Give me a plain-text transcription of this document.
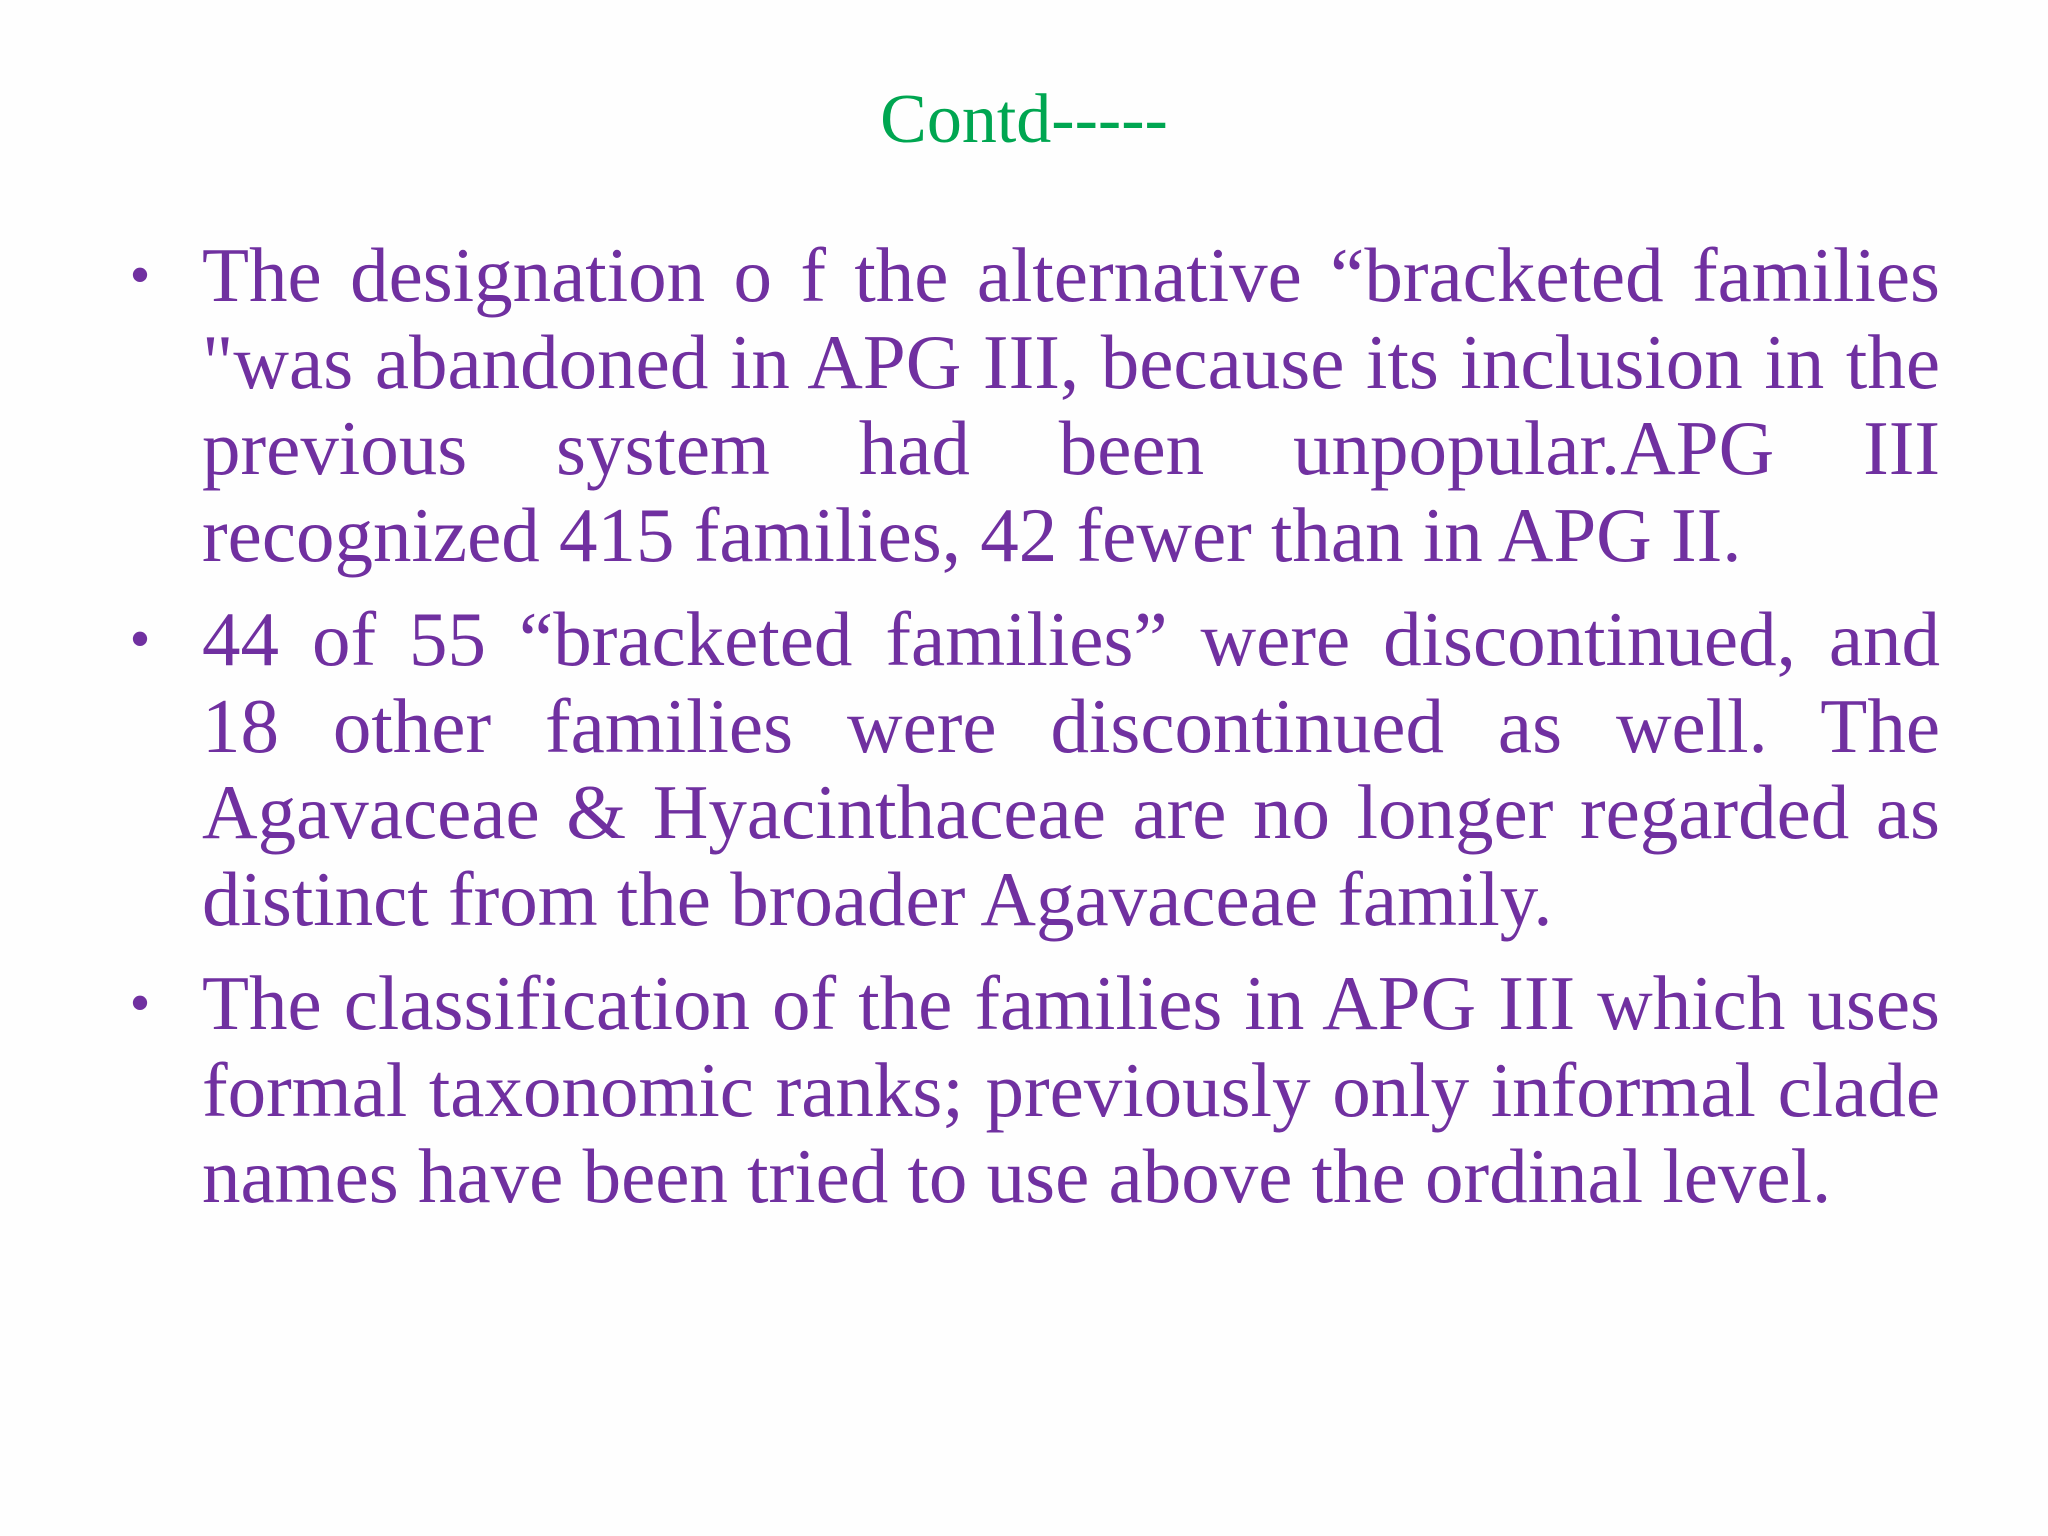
Contd-----
• The designation o f the alternative “bracketed families "was abandoned in APG III, because its inclusion in the previous system had been unpopular.APG III recognized 415 families, 42 fewer than in APG II.
• 44 of 55 “bracketed families” were discontinued, and 18 other families were discontinued as well. The Agavaceae & Hyacinthaceae are no longer regarded as distinct from the broader Agavaceae family.
• The classification of the families in APG III which uses formal taxonomic ranks; previously only informal clade names have been tried to use above the ordinal level.
